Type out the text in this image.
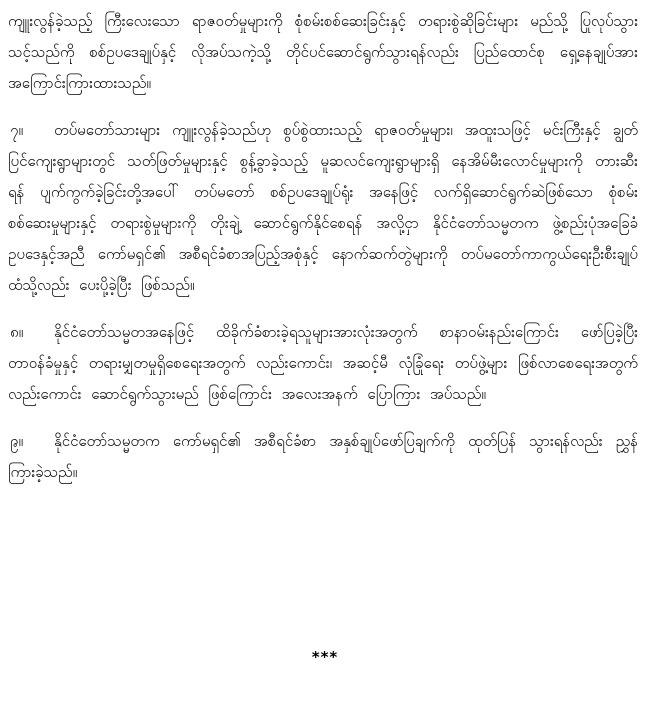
ကျူးလွန်ခဲ့သည့် ကြီးလေးသော ရာဇဝတ်မှုများကို စုံစမ်းစစ်ဆေးခြင်းနှင့် တရားစွဲဆိုခြင်းများ မည်သို့ ပြုလုပ်သွားသင့်သည်ကို စစ်ဥပဒေချုပ်နှင့် လိုအပ်သကဲ့သို့ တိုင်ပင်ဆောင်ရွက်သွားရန်လည်း ပြည်ထောင်စု ရှေ့နေချုပ်အား အကြောင်းကြားထားသည်။

၇။ တပ်မတော်သားများ ကျူးလွန်ခဲ့သည်ဟု စွပ်စွဲထားသည့် ရာဇဝတ်မှုများ၊ အထူးသဖြင့် မင်းကြီးနှင့် ချွတ်ပြင်ကျေးရွာများတွင် သတ်ဖြတ်မှုများနှင့် စွန့်ခွာခဲ့သည့် မူဆလင်ကျေးရွာများရှိ နေအိမ်မီးလောင်မှုများကို တားဆီးရန် ပျက်ကွက်ခဲ့ခြင်းတို့အပေါ် တပ်မတော် စစ်ဥပဒေချုပ်ရုံး အနေဖြင့် လက်ရှိဆောင်ရွက်ဆဲဖြစ်သော စုံစမ်းစစ်ဆေးမှုများနှင့် တရားစွဲမှုများကို တိုးချဲ့ ဆောင်ရွက်နိုင်စေရန် အလို့ငှာ နိုင်ငံတော်သမ္မတက ဖွဲ့စည်းပုံအခြေခံဥပဒေနှင့်အညီ ကော်မရှင်၏ အစီရင်ခံစာအပြည့်အစုံနှင့် နောက်ဆက်တွဲများကို တပ်မတော်ကာကွယ်ရေးဦးစီးချုပ်ထံသို့လည်း ပေးပို့ခဲ့ပြီး ဖြစ်သည်။

၈။ နိုင်ငံတော်သမ္မတအနေဖြင့် ထိခိုက်ခံစားခဲ့ရသူများအားလုံးအတွက် စာနာဝမ်းနည်းကြောင်း ဖော်ပြခဲ့ပြီး တာဝန်ခံမှုနှင့် တရားမျှတမှုရှိစေရေးအတွက် လည်းကောင်း၊ အဆင့်မီ လုံခြုံရေး တပ်ဖွဲ့များ ဖြစ်လာစေရေးအတွက် လည်းကောင်း ဆောင်ရွက်သွားမည် ဖြစ်ကြောင်း အလေးအနက် ပြောကြား အပ်သည်။

၉။ နိုင်ငံတော်သမ္မတက ကော်မရှင်၏ အစီရင်ခံစာ အနှစ်ချုပ်ဖော်ပြချက်ကို ထုတ်ပြန် သွားရန်လည်း ညွှန်ကြားခဲ့သည်။

***
